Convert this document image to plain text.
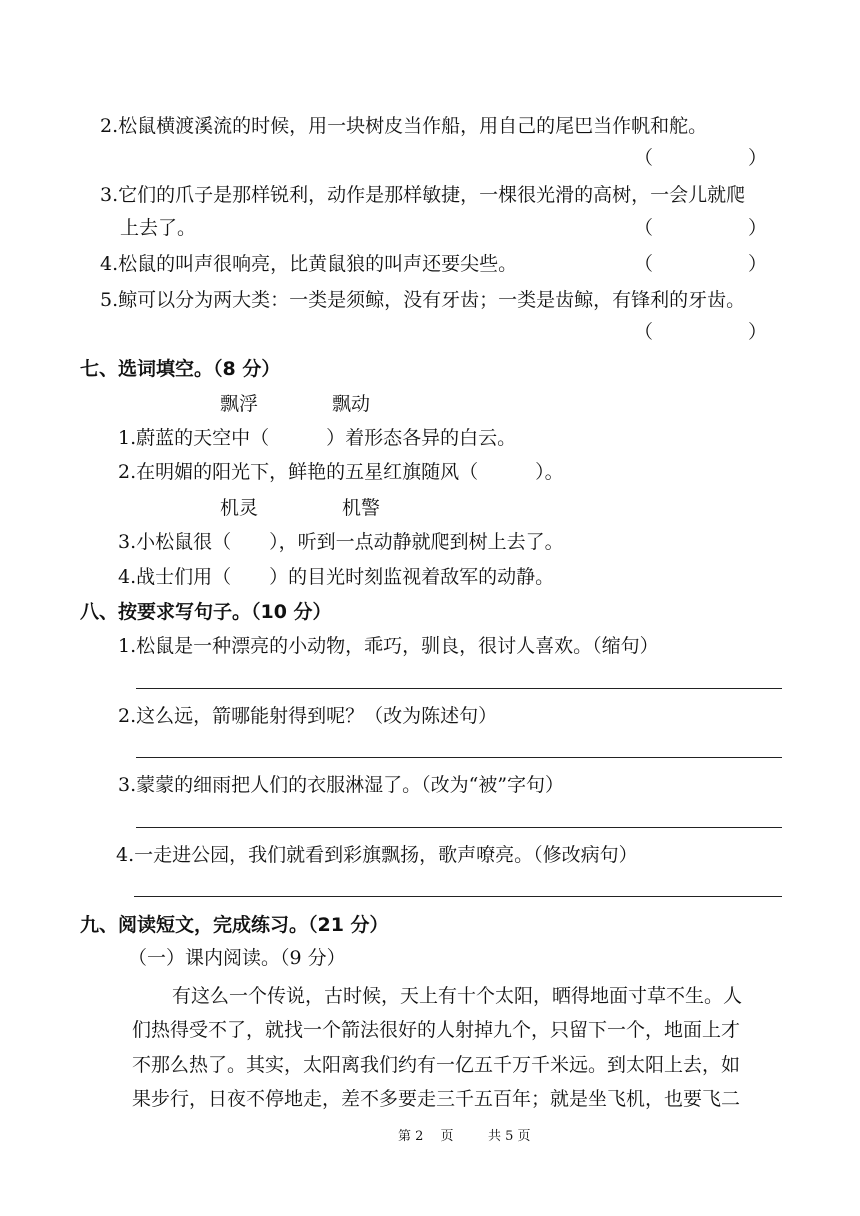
2.松鼠横渡溪流的时候，用一块树皮当作船，用自己的尾巴当作帆和舵。
（　　　　　）
3.它们的爪子是那样锐利，动作是那样敏捷，一棵很光滑的高树，一会儿就爬
上去了。	（　　　　　）
4.松鼠的叫声很响亮，比黄鼠狼的叫声还要尖些。	（　　　　　）
5.鲸可以分为两大类：一类是须鲸，没有牙齿；一类是齿鲸，有锋利的牙齿。
（　　　　　）
七、选词填空。（8 分）
飘浮	飘动
1.蔚蓝的天空中（　　　）着形态各异的白云。
2.在明媚的阳光下，鲜艳的五星红旗随风（　　　）。
机灵	机警
3.小松鼠很（　　），听到一点动静就爬到树上去了。
4.战士们用（　　）的目光时刻监视着敌军的动静。
八、按要求写句子。（10 分）
1.松鼠是一种漂亮的小动物，乖巧，驯良，很讨人喜欢。（缩句）
2.这么远，箭哪能射得到呢？（改为陈述句）
3.蒙蒙的细雨把人们的衣服淋湿了。（改为“被”字句）
4.一走进公园，我们就看到彩旗飘扬，歌声嘹亮。（修改病句）
九、阅读短文，完成练习。（21 分）
（一）课内阅读。（9 分）
有这么一个传说，古时候，天上有十个太阳，晒得地面寸草不生。人
们热得受不了，就找一个箭法很好的人射掉九个，只留下一个，地面上才
不那么热了。其实，太阳离我们约有一亿五千万千米远。到太阳上去，如
果步行，日夜不停地走，差不多要走三千五百年；就是坐飞机，也要飞二
第 2　 页	共 5 页
